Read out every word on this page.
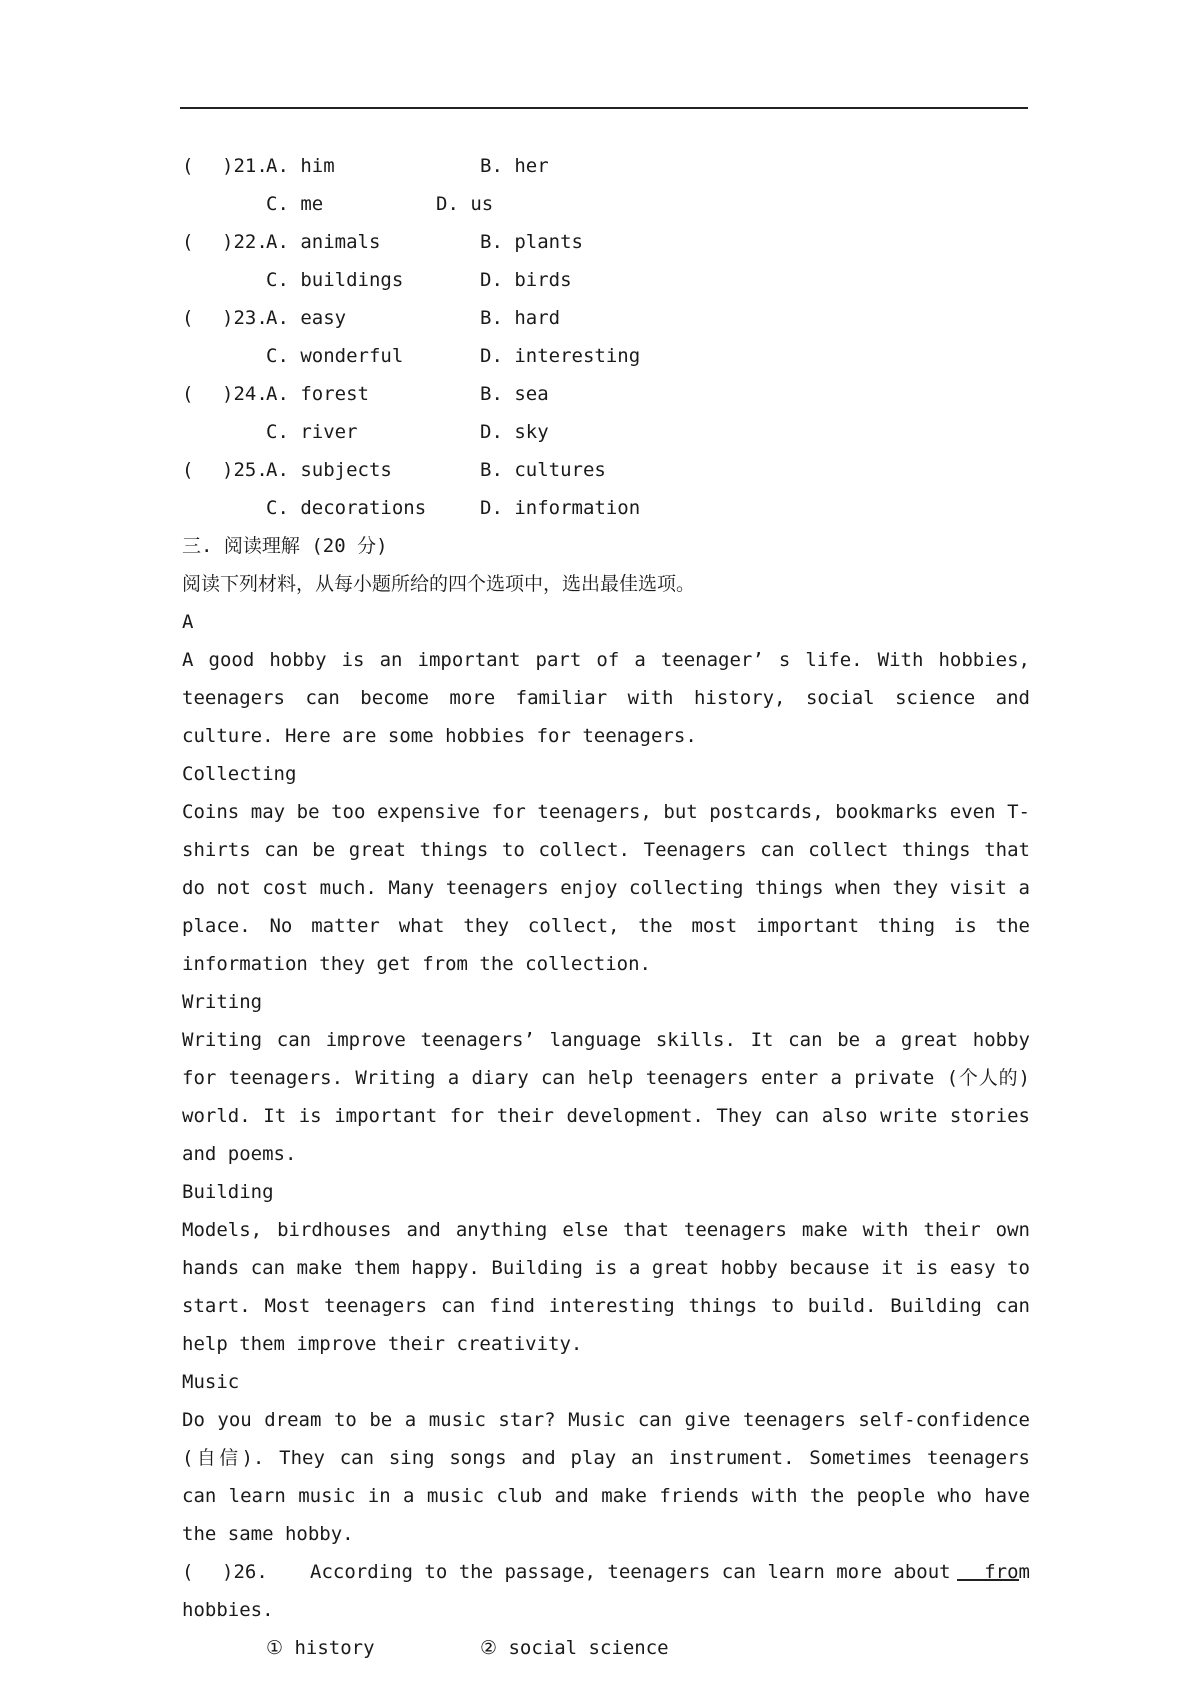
( )21.
A. him	B. her
C. me	D. us
( )22.
A. animals	B. plants
C. buildings	D. birds
( )23.
A. easy	B. hard
C. wonderful	D. interesting
( )24.
A. forest	B. sea
C. river	D. sky
( )25.
A. subjects	B. cultures
C. decorations	D. information
三. 阅读理解 (20 分)
阅读下列材料，从每小题所给的四个选项中，选出最佳选项。
A
A good hobby is an important part of a teenager’ s life. With hobbies, teenagers can become more familiar with history, social science and culture. Here are some hobbies for teenagers.
Collecting
Coins may be too expensive for teenagers, but postcards, bookmarks even T-shirts can be great things to collect. Teenagers can collect things that do not cost much. Many teenagers enjoy collecting things when they visit a place. No matter what they collect, the most important thing is the information they get from the collection.
Writing
Writing can improve teenagers’ language skills. It can be a great hobby for teenagers. Writing a diary can help teenagers enter a private (个人的) world. It is important for their development. They can also write stories and poems.
Building
Models, birdhouses and anything else that teenagers make with their own hands can make them happy. Building is a great hobby because it is easy to start. Most teenagers can find interesting things to build. Building can help them improve their creativity.
Music
Do you dream to be a music star? Music can give teenagers self-confidence (自信). They can sing songs and play an instrument. Sometimes teenagers can learn music in a music club and make friends with the people who have the same hobby.
( )26. According to the passage, teenagers can learn more about	from
hobbies.
① history	② social science
